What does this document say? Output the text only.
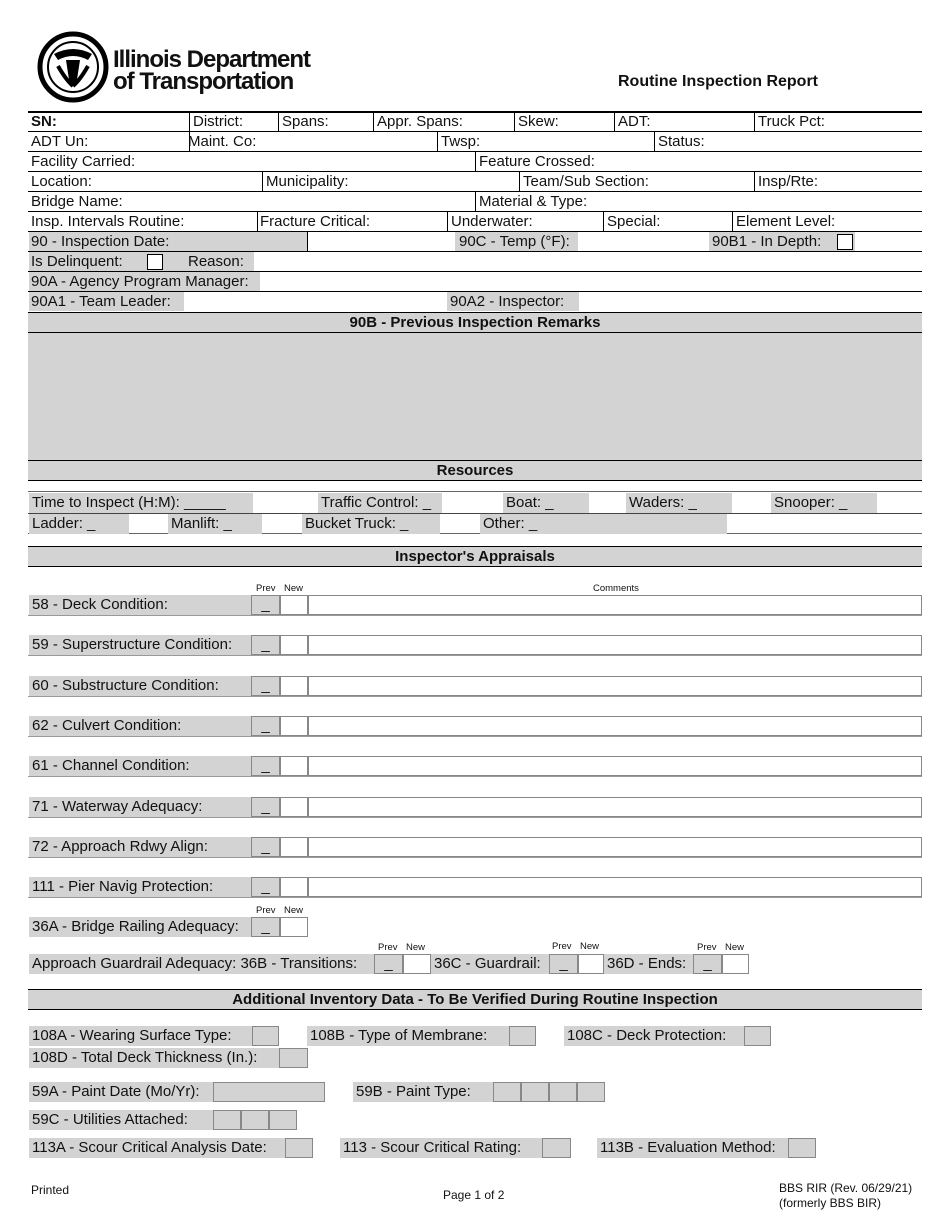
Illinois Department
of Transportation	Routine Inspection Report
SN:	District:	Spans:	Appr. Spans:	Skew:	ADT:	Truck Pct:
ADT Un:	Maint. Co:	Twsp:	Status:
Facility Carried:	Feature Crossed:
Location:	Municipality:	Team/Sub Section:	Insp/Rte:
Bridge Name:	Material & Type:
Insp. Intervals Routine:	Fracture Critical:	Underwater:	Special:	Element Level:
90 - Inspection Date:	90C - Temp (°F):	90B1 - In Depth:
Is Delinquent:	Reason:
90A - Agency Program Manager:
90A1 - Team Leader:	90A2 - Inspector:
90B - Previous Inspection Remarks
Resources
Time to Inspect (H:M): _____	Traffic Control: _	Boat: _	Waders: _	Snooper: _
Ladder: _	Manlift: _	Bucket Truck: _	Other: _
Inspector's Appraisals
Prev New	Comments
58 - Deck Condition:	_
59 - Superstructure Condition:	_
60 - Substructure Condition:	_
62 - Culvert Condition:	_
61 - Channel Condition:	_
71 - Waterway Adequacy:	_
72 - Approach Rdwy Align:	_
111 - Pier Navig Protection:	_
Prev New
36A - Bridge Railing Adequacy:	_
Prev New	Prev New	Prev New
Approach Guardrail Adequacy: 36B - Transitions:	_	36C - Guardrail:	_	36D - Ends:	_
Additional Inventory Data - To Be Verified During Routine Inspection
108A - Wearing Surface Type:	108B - Type of Membrane:	108C - Deck Protection:
108D - Total Deck Thickness (In.):
59A - Paint Date (Mo/Yr):	59B - Paint Type:
59C - Utilities Attached:
113A - Scour Critical Analysis Date:	113 - Scour Critical Rating:	113B - Evaluation Method:
Printed	Page 1 of 2	BBS RIR (Rev. 06/29/21)
(formerly BBS BIR)
